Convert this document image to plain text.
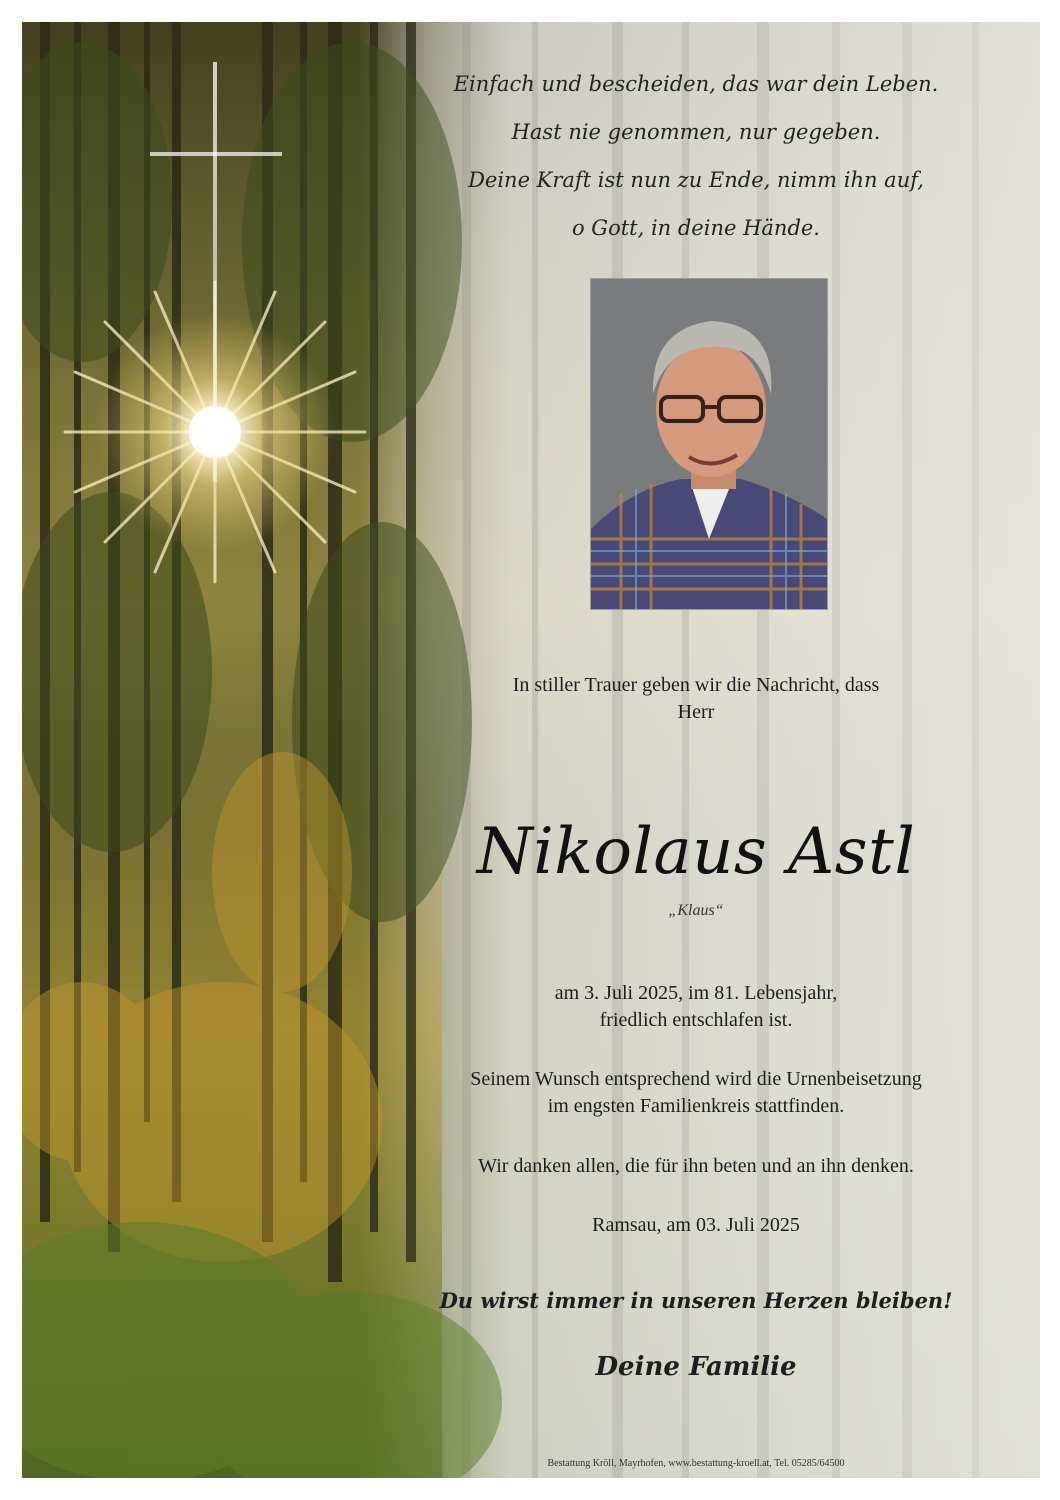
Einfach und bescheiden, das war dein Leben.
Hast nie genommen, nur gegeben.
Deine Kraft ist nun zu Ende, nimm ihn auf,
o Gott, in deine Hände.
In stiller Trauer geben wir die Nachricht, dass
Herr
Nikolaus Astl
„Klaus“
am 3. Juli 2025, im 81. Lebensjahr,
friedlich entschlafen ist.
Seinem Wunsch entsprechend wird die Urnenbeisetzung
im engsten Familienkreis stattfinden.
Wir danken allen, die für ihn beten und an ihn denken.
Ramsau, am 03. Juli 2025
Du wirst immer in unseren Herzen bleiben!
Deine Familie
Bestattung Kröll, Mayrhofen, www.bestattung-kroell.at, Tel. 05285/64500
